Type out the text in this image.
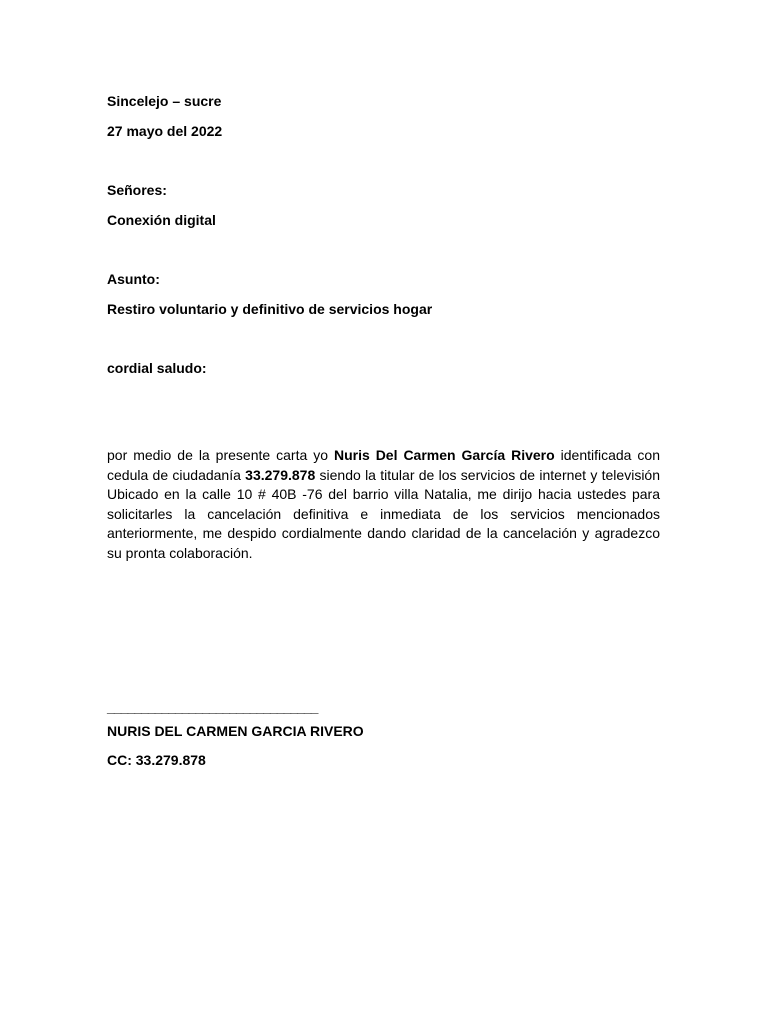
Sincelejo – sucre
27 mayo del 2022
Señores:
Conexión digital
Asunto:
Restiro voluntario y definitivo de servicios hogar
cordial saludo:
por medio de la presente carta yo Nuris Del Carmen García Rivero identificada con cedula de ciudadanía 33.279.878 siendo la titular de los servicios de internet y televisión Ubicado en la calle 10 # 40B -76 del barrio villa Natalia, me dirijo hacia ustedes para solicitarles la cancelación definitiva e inmediata de los servicios mencionados anteriormente, me despido cordialmente dando claridad de la cancelación y agradezco su pronta colaboración.
_______________________________
NURIS DEL CARMEN GARCIA RIVERO
CC: 33.279.878
